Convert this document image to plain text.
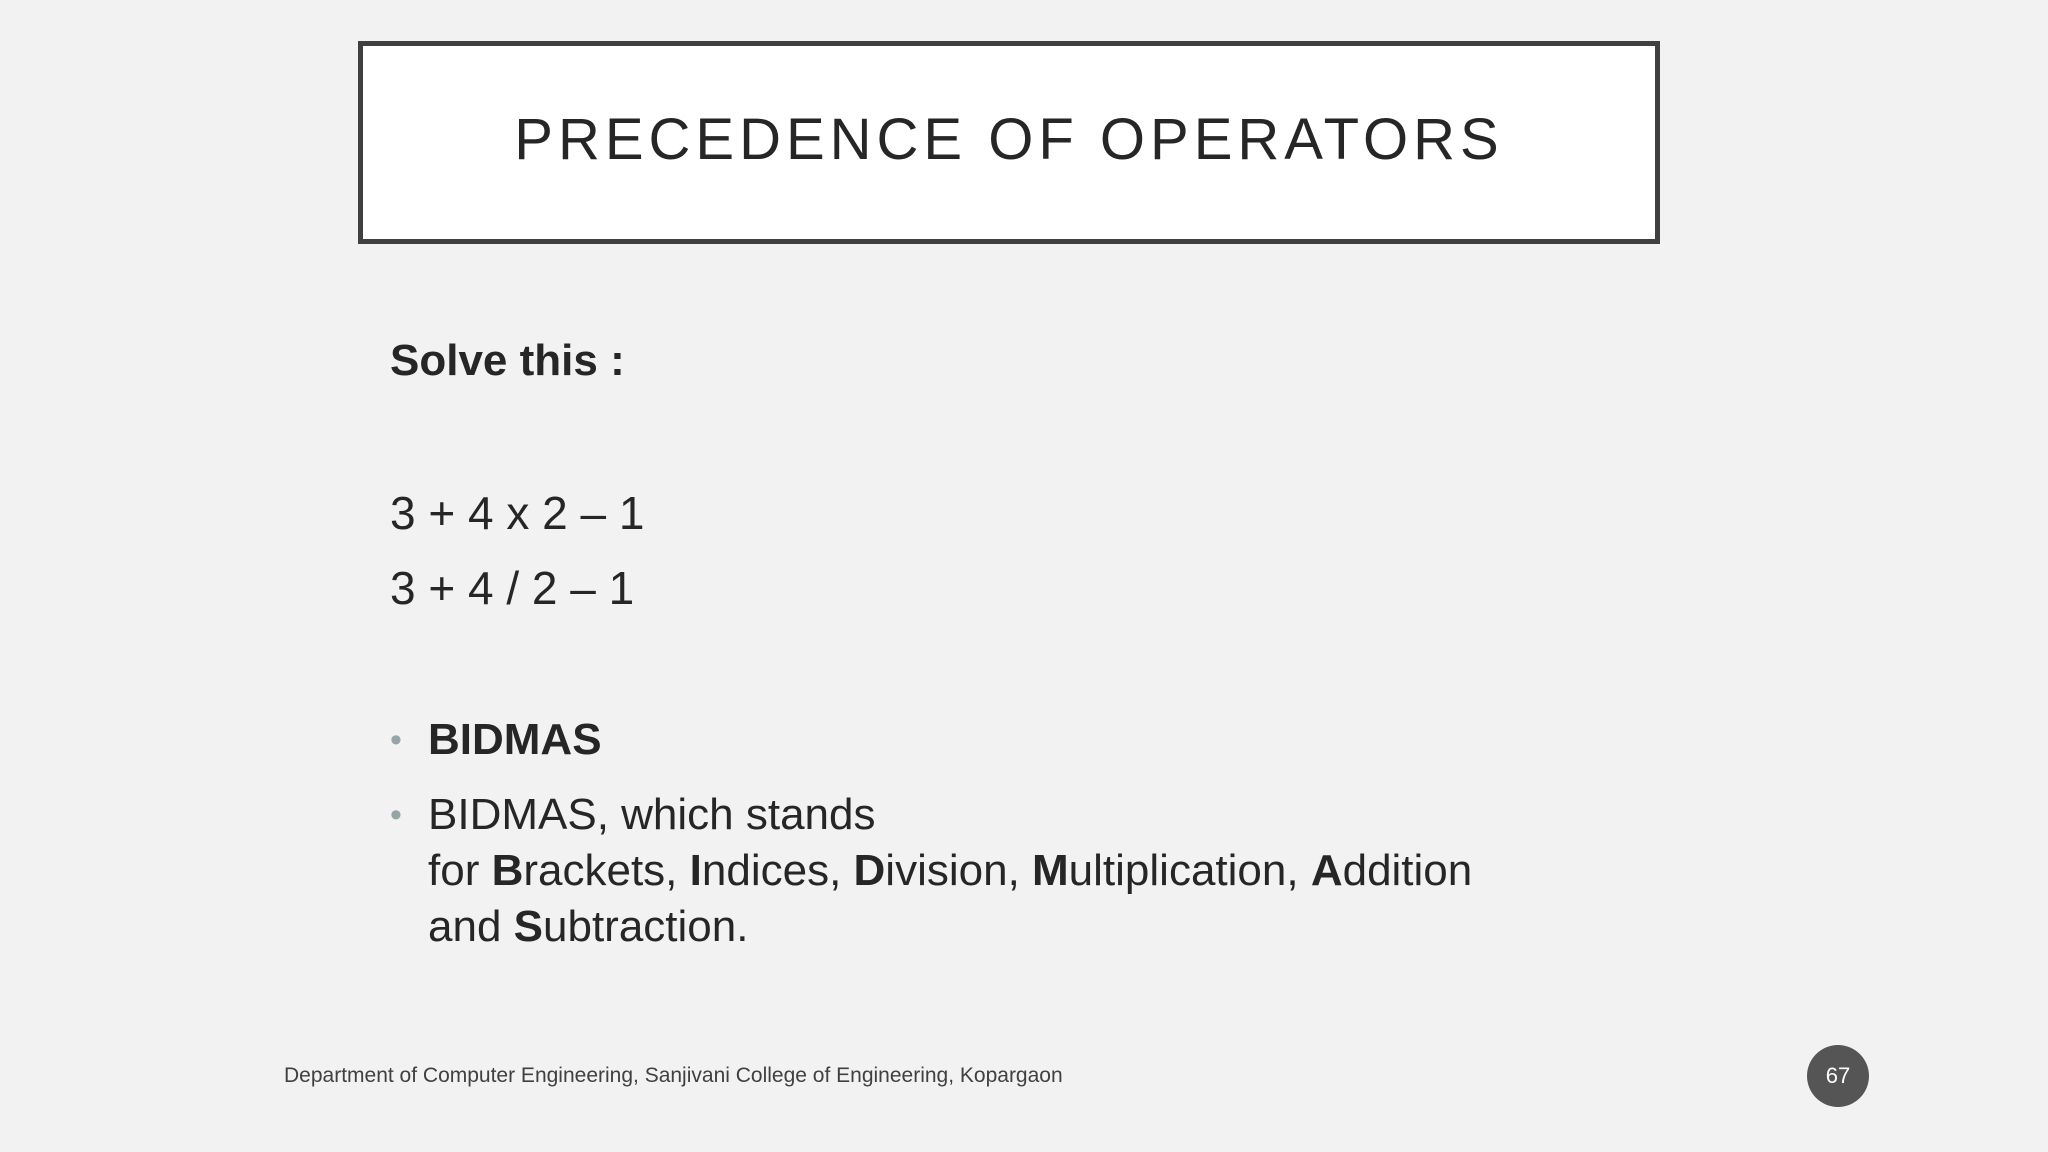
PRECEDENCE OF OPERATORS
Solve this :
3 + 4 x 2 – 1
3 + 4 / 2 – 1
• BIDMAS
• BIDMAS, which stands
for Brackets, Indices, Division, Multiplication, Addition
and Subtraction.
Department of Computer Engineering, Sanjivani College of Engineering, Kopargaon	67
